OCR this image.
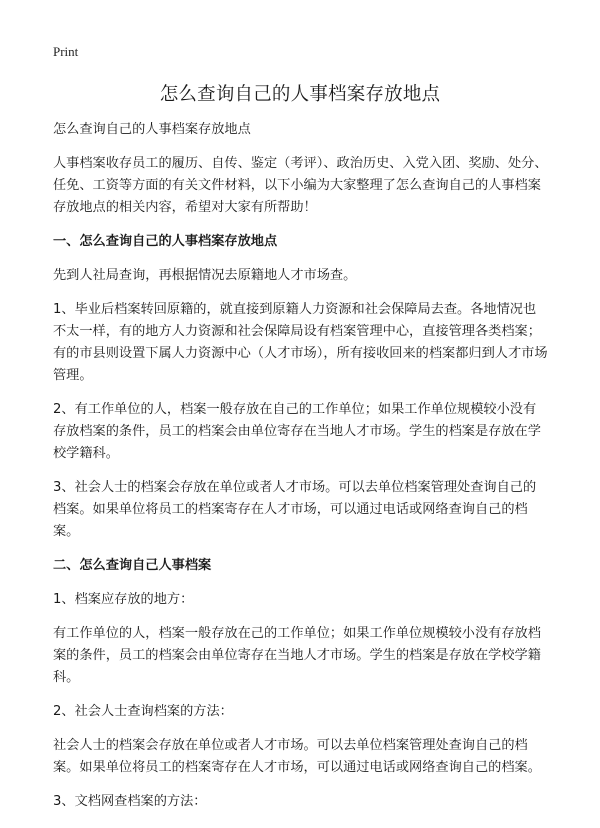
Print
怎么查询自己的人事档案存放地点

怎么查询自己的人事档案存放地点

人事档案收存员工的履历、自传、鉴定（考评）、政治历史、入党入团、奖励、处分、任免、工资等方面的有关文件材料，以下小编为大家整理了怎么查询自己的人事档案存放地点的相关内容，希望对大家有所帮助！

一、怎么查询自己的人事档案存放地点

先到人社局查询，再根据情况去原籍地人才市场查。

1、毕业后档案转回原籍的，就直接到原籍人力资源和社会保障局去查。各地情况也不太一样，有的地方人力资源和社会保障局设有档案管理中心，直接管理各类档案；有的市县则设置下属人力资源中心（人才市场），所有接收回来的档案都归到人才市场管理。

2、有工作单位的人，档案一般存放在自己的工作单位；如果工作单位规模较小没有存放档案的条件，员工的档案会由单位寄存在当地人才市场。学生的档案是存放在学校学籍科。

3、社会人士的档案会存放在单位或者人才市场。可以去单位档案管理处查询自己的档案。如果单位将员工的档案寄存在人才市场，可以通过电话或网络查询自己的档案。

二、怎么查询自己人事档案

1、档案应存放的地方：

有工作单位的人，档案一般存放在己的工作单位；如果工作单位规模较小没有存放档案的条件，员工的档案会由单位寄存在当地人才市场。学生的档案是存放在学校学籍科。

2、社会人士查询档案的方法：

社会人士的档案会存放在单位或者人才市场。可以去单位档案管理处查询自己的档案。如果单位将员工的档案寄存在人才市场，可以通过电话或网络查询自己的档案。

3、文档网查档案的方法：
